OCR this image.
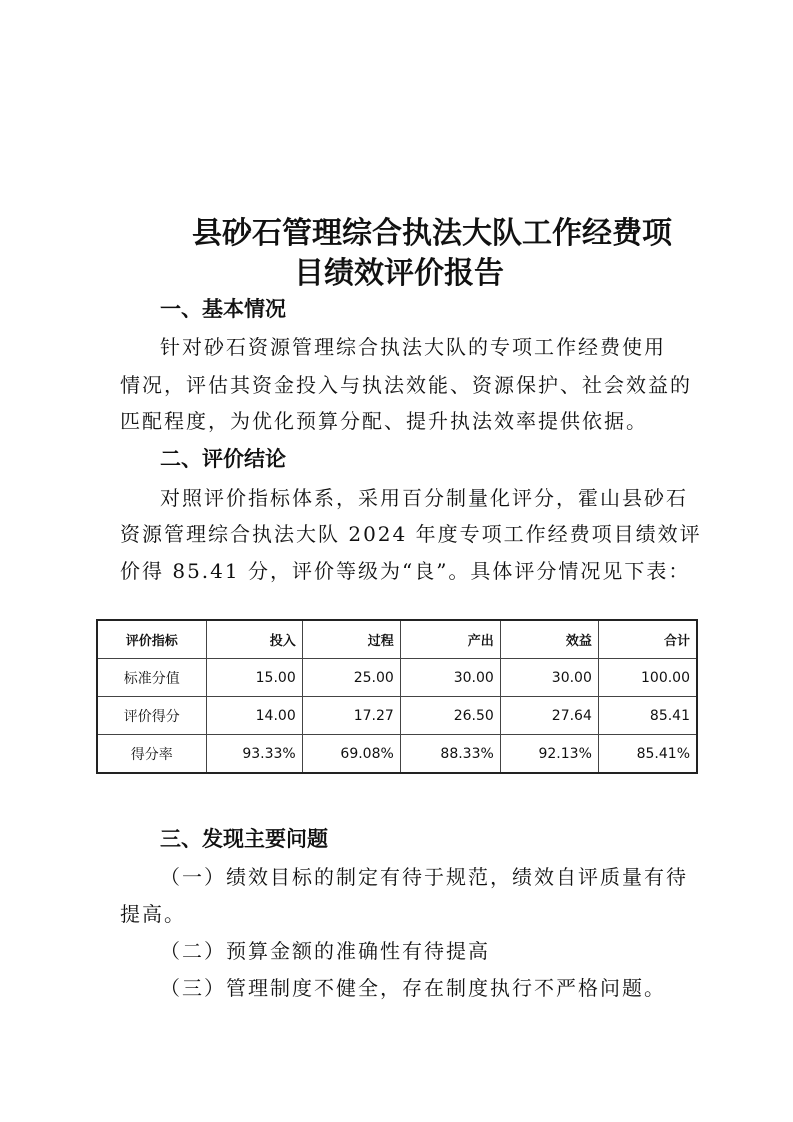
县砂石管理综合执法大队工作经费项
目绩效评价报告
一、基本情况
针对砂石资源管理综合执法大队的专项工作经费使用
情况，评估其资金投入与执法效能、资源保护、社会效益的
匹配程度，为优化预算分配、提升执法效率提供依据。
二、评价结论
对照评价指标体系，采用百分制量化评分，霍山县砂石
资源管理综合执法大队 2024 年度专项工作经费项目绩效评
价得 85.41 分，评价等级为“良”。具体评分情况见下表：
评价指标	投入	过程	产出	效益	合计
标准分值	15.00	25.00	30.00	30.00	100.00
评价得分	14.00	17.27	26.50	27.64	85.41
得分率	93.33%	69.08%	88.33%	92.13%	85.41%
三、发现主要问题
（一）绩效目标的制定有待于规范，绩效自评质量有待
提高。
（二）预算金额的准确性有待提高
（三）管理制度不健全，存在制度执行不严格问题。
